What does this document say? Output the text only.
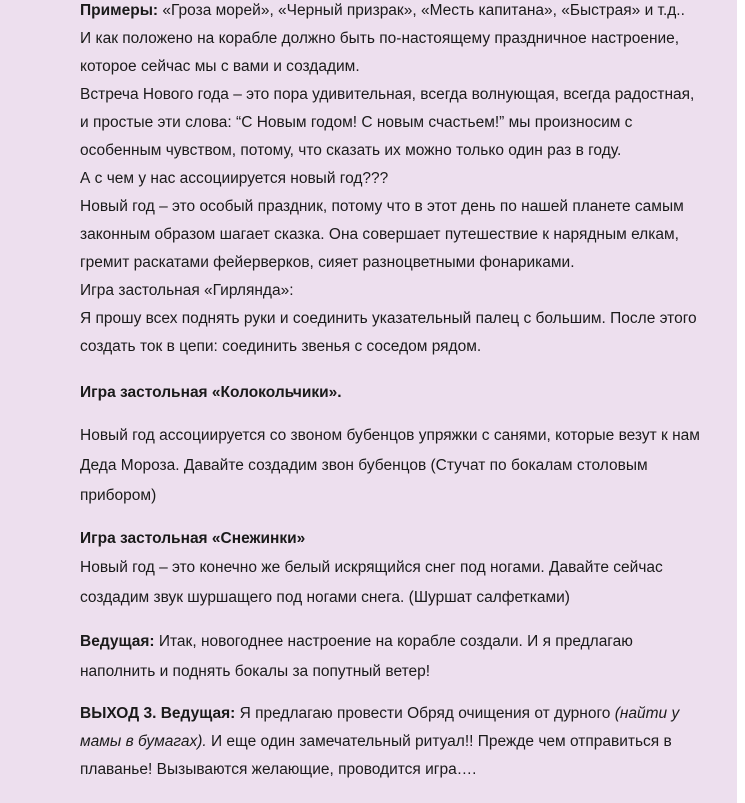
Примеры: «Гроза морей», «Черный призрак», «Месть капитана», «Быстрая» и т.д..

И как положено на корабле должно быть по-настоящему праздничное настроение, которое сейчас мы с вами и создадим.

Встреча Нового года – это пора удивительная, всегда волнующая, всегда радостная, и простые эти слова: “С Новым годом! С новым счастьем!” мы произносим с особенным чувством, потому, что сказать их можно только один раз в году.

А с чем у нас ассоциируется новый год???

Новый год – это особый праздник, потому что в этот день по нашей планете самым законным образом шагает сказка. Она совершает путешествие к нарядным елкам, гремит раскатами фейерверков, сияет разноцветными фонариками.

Игра застольная «Гирлянда»:

Я прошу всех поднять руки и соединить указательный палец с большим. После этого создать ток в цепи: соединить звенья с соседом рядом.

Игра застольная «Колокольчики».

Новый год ассоциируется со звоном бубенцов упряжки с санями, которые везут к нам Деда Мороза. Давайте создадим звон бубенцов (Стучат по бокалам столовым прибором)

Игра застольная «Снежинки»

Новый год – это конечно же белый искрящийся снег под ногами. Давайте сейчас создадим звук шуршащего под ногами снега. (Шуршат салфетками)

Ведущая: Итак, новогоднее настроение на корабле создали. И я предлагаю наполнить и поднять бокалы за попутный ветер!

ВЫХОД 3. Ведущая: Я предлагаю провести Обряд очищения от дурного (найти у мамы в бумагах). И еще один замечательный ритуал!! Прежде чем отправиться в плаванье! Вызываются желающие, проводится игра….
